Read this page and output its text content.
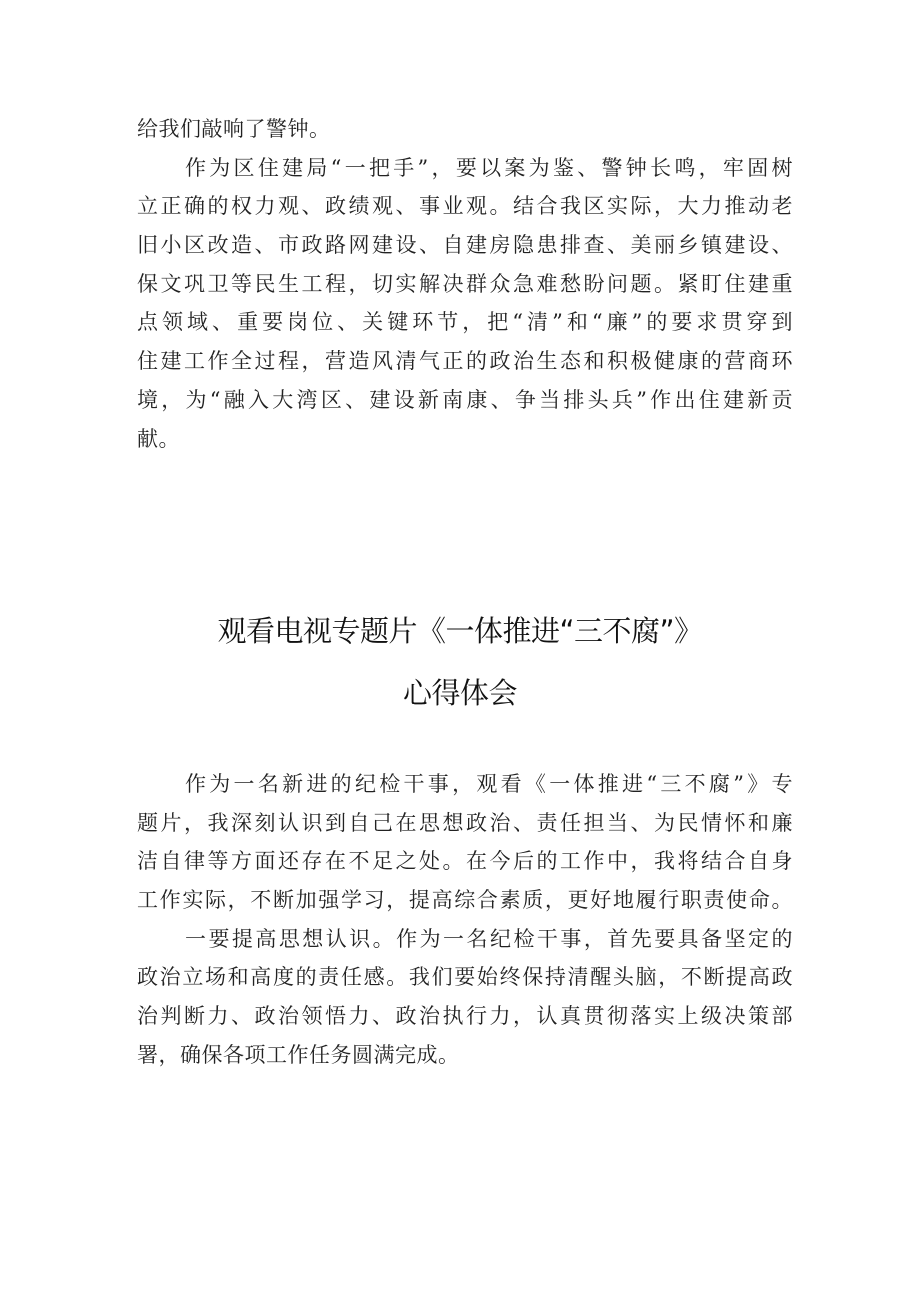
给我们敲响了警钟。
作为区住建局“一把手”，要以案为鉴、警钟长鸣，牢固树
立正确的权力观、政绩观、事业观。结合我区实际，大力推动老
旧小区改造、市政路网建设、自建房隐患排查、美丽乡镇建设、
保文巩卫等民生工程，切实解决群众急难愁盼问题。紧盯住建重
点领域、重要岗位、关键环节，把“清”和“廉”的要求贯穿到
住建工作全过程，营造风清气正的政治生态和积极健康的营商环
境，为“融入大湾区、建设新南康、争当排头兵”作出住建新贡
献。
观看电视专题片《一体推进“三不腐”》
心得体会
作为一名新进的纪检干事，观看《一体推进“三不腐”》专
题片，我深刻认识到自己在思想政治、责任担当、为民情怀和廉
洁自律等方面还存在不足之处。在今后的工作中，我将结合自身
工作实际，不断加强学习，提高综合素质，更好地履行职责使命。
一要提高思想认识。作为一名纪检干事，首先要具备坚定的
政治立场和高度的责任感。我们要始终保持清醒头脑，不断提高政
治判断力、政治领悟力、政治执行力，认真贯彻落实上级决策部
署，确保各项工作任务圆满完成。
